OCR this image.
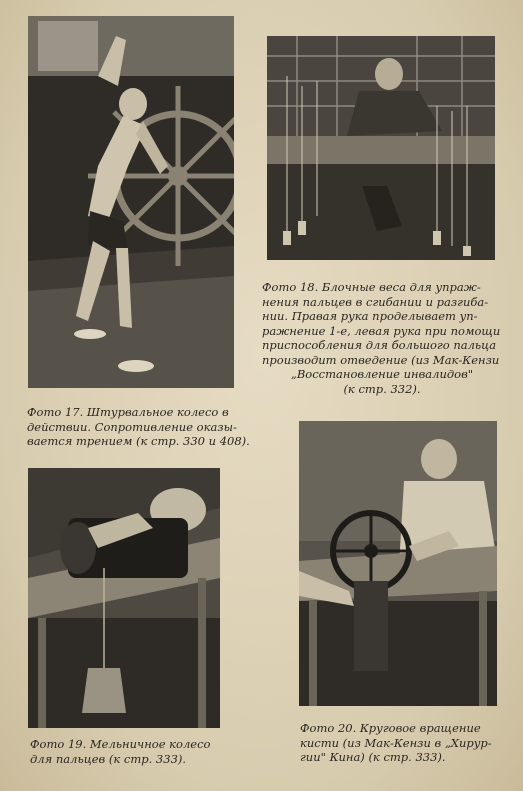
Фото 17. Штурвальное колесо в
действии. Сопротивление оказы-
вается трением (к стр. 330 и 408).

Фото 18. Блочные веса для упраж-
нения пальцев в сгибании и разгиба-
нии. Правая рука проделывает уп-
ражнение 1-е, левая рука при помощи
приспособления для большого пальца
производит отведение (из Мак-Кензи
„Восстановление инвалидов"
(к стр. 332).

Фото 19. Мельничное колесо
для пальцев (к стр. 333).

Фото 20. Круговое вращение
кисти (из Мак-Кензи в „Хирур-
гии" Кина) (к стр. 333).
